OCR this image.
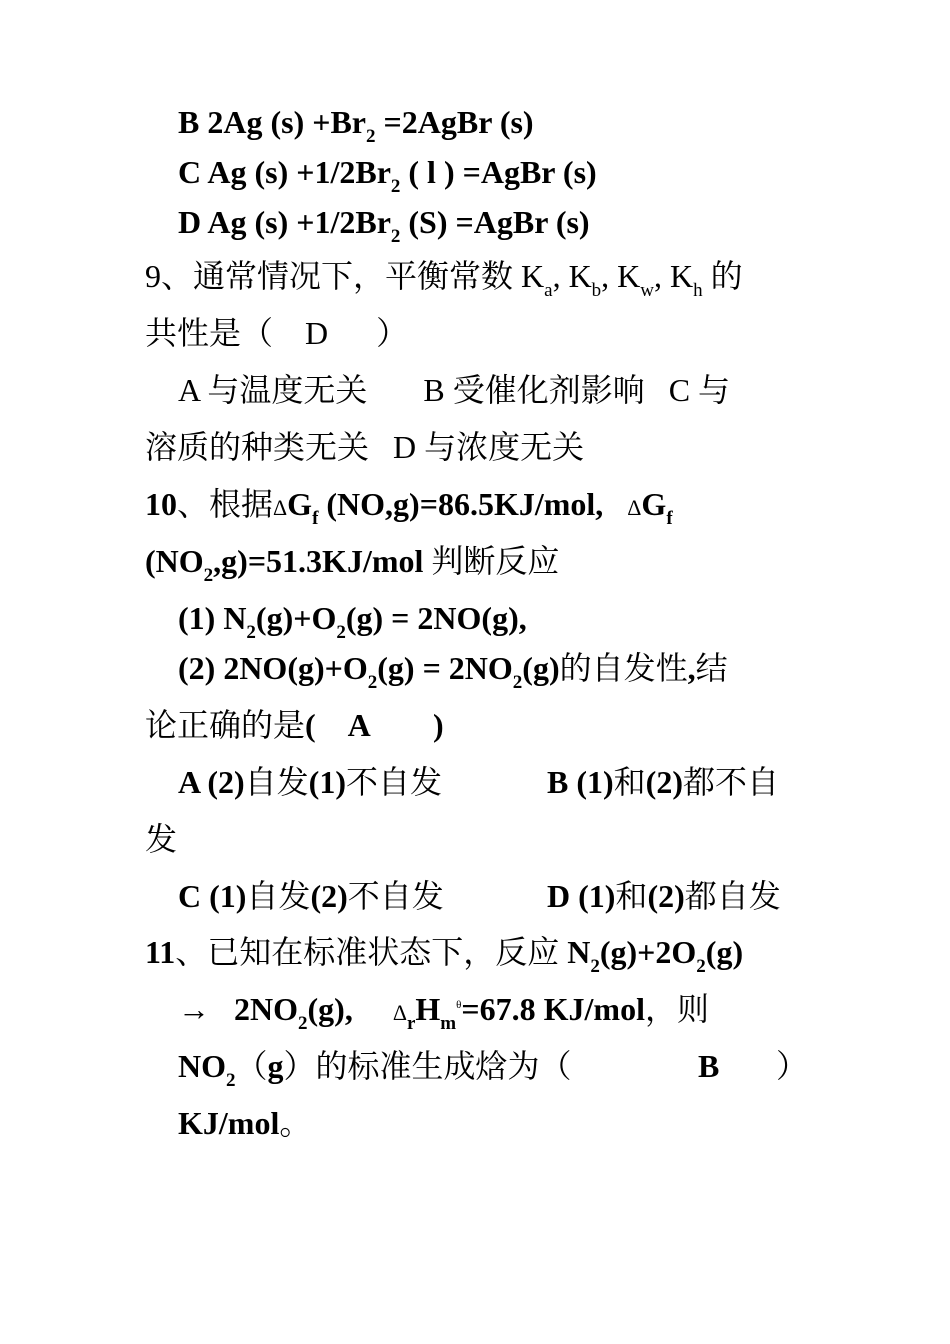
B 2Ag $(s) +Br_2$ =2AgBr (s)
C Ag $(s) +1/2Br_2$ ( l ) =AgBr (s)
D Ag $(s) +1/2Br_2$ (S) =AgBr (s)
9、通常情况下，平衡常数 $K_a$, $K_b$, $K_w$, $K_h$ 的
共性是（    D      ）
A 与温度无关       B 受催化剂影响   C 与
溶质的种类无关   D 与浓度无关
10、根据$\Delta G_f$ (NO,g)=86.5KJ/mol, $\Delta G_f$
$(NO_2,g)=51.3KJ$/mol 判断反应
(1) $N_2(g)+O_2(g) = 2NO(g)$,
(2) $2NO(g)+O_2(g) = 2NO_2(g)$的自发性,结
论正确的是(    A        )
A (2)自发(1)不自发	B (1)和(2)都不自
发
C (1)自发(2)不自发	D (1)和(2)都自发
11、已知在标准状态下，反应 $N_2(g)+2O_2(g)$
→ $2NO_2(g)$, $\Delta_rH_m^\theta=67.8$ KJ/mol，则
$NO_2(g)$的标准生成焓为（	B ）
KJ/mol。
